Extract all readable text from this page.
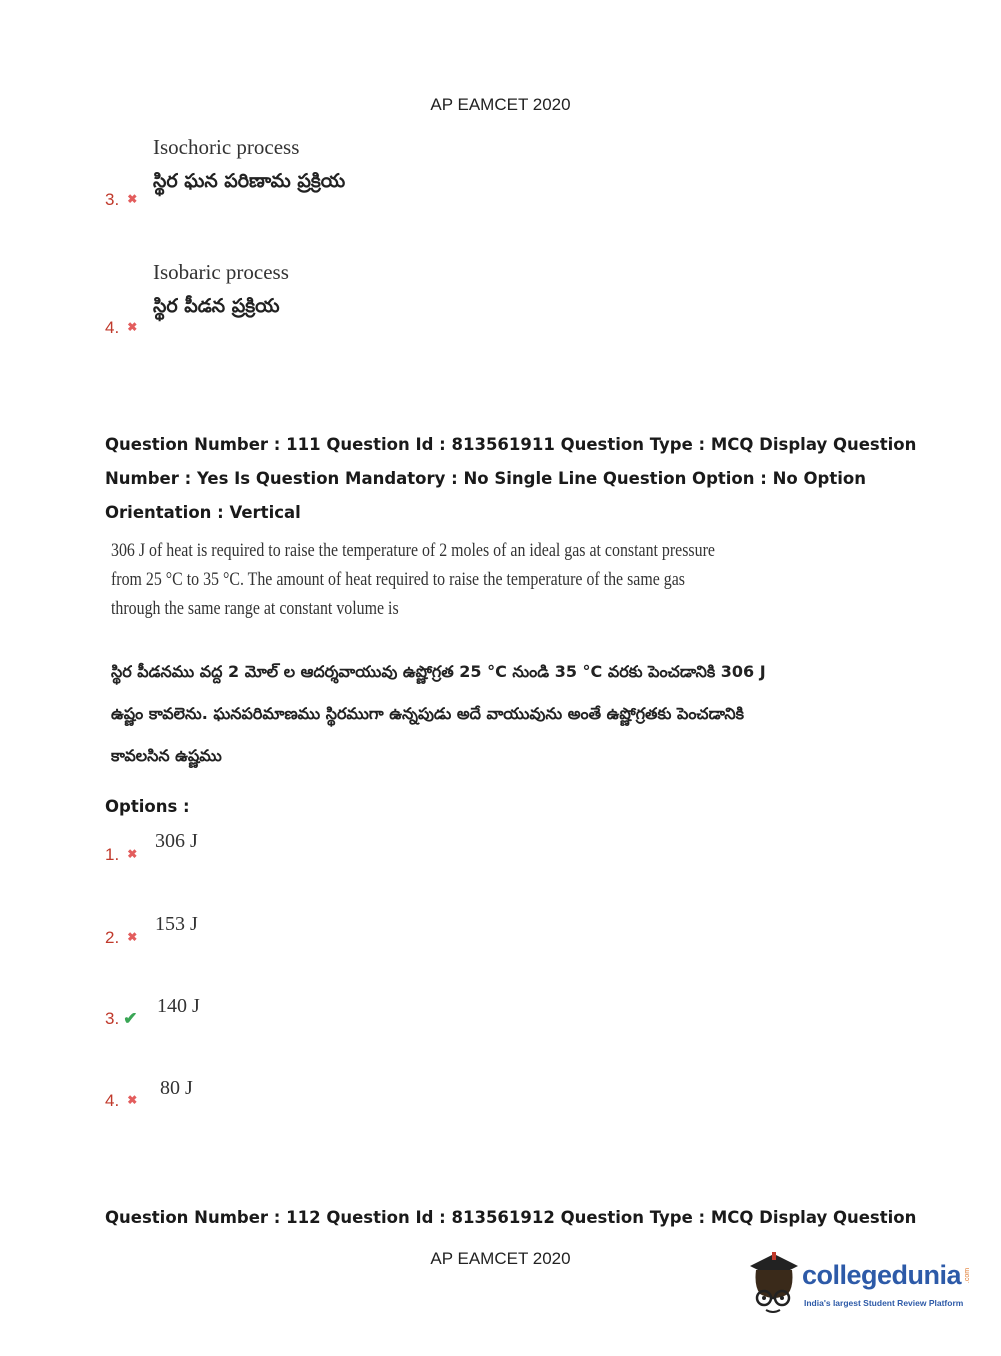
AP EAMCET 2020
Isochoric process
స్థిర ఘన పరిణామ ప్రక్రియ
3. ✖
Isobaric process
స్థిర పీడన ప్రక్రియ
4. ✖
Question Number : 111 Question Id : 813561911 Question Type : MCQ Display Question
Number : Yes Is Question Mandatory : No Single Line Question Option : No Option
Orientation : Vertical
306 J of heat is required to raise the temperature of 2 moles of an ideal gas at constant pressure
from 25 °C to 35 °C. The amount of heat required to raise the temperature of the same gas
through the same range at constant volume is
స్థిర పీడనము వద్ద 2 మోల్ ల ఆదర్శవాయువు ఉష్ణోగ్రత 25 °C నుండి 35 °C వరకు పెంచడానికి 306 J
ఉష్ణం కావలెను. ఘనపరిమాణము స్థిరముగా ఉన్నపుడు అదే వాయువును అంతే ఉష్ణోగ్రతకు పెంచడానికి
కావలసిన ఉష్ణము
Options :
306 J
1. ✖
153 J
2. ✖
140 J
3. ✔
80 J
4. ✖
Question Number : 112 Question Id : 813561912 Question Type : MCQ Display Question
AP EAMCET 2020
collegedunia .com
India's largest Student Review Platform
